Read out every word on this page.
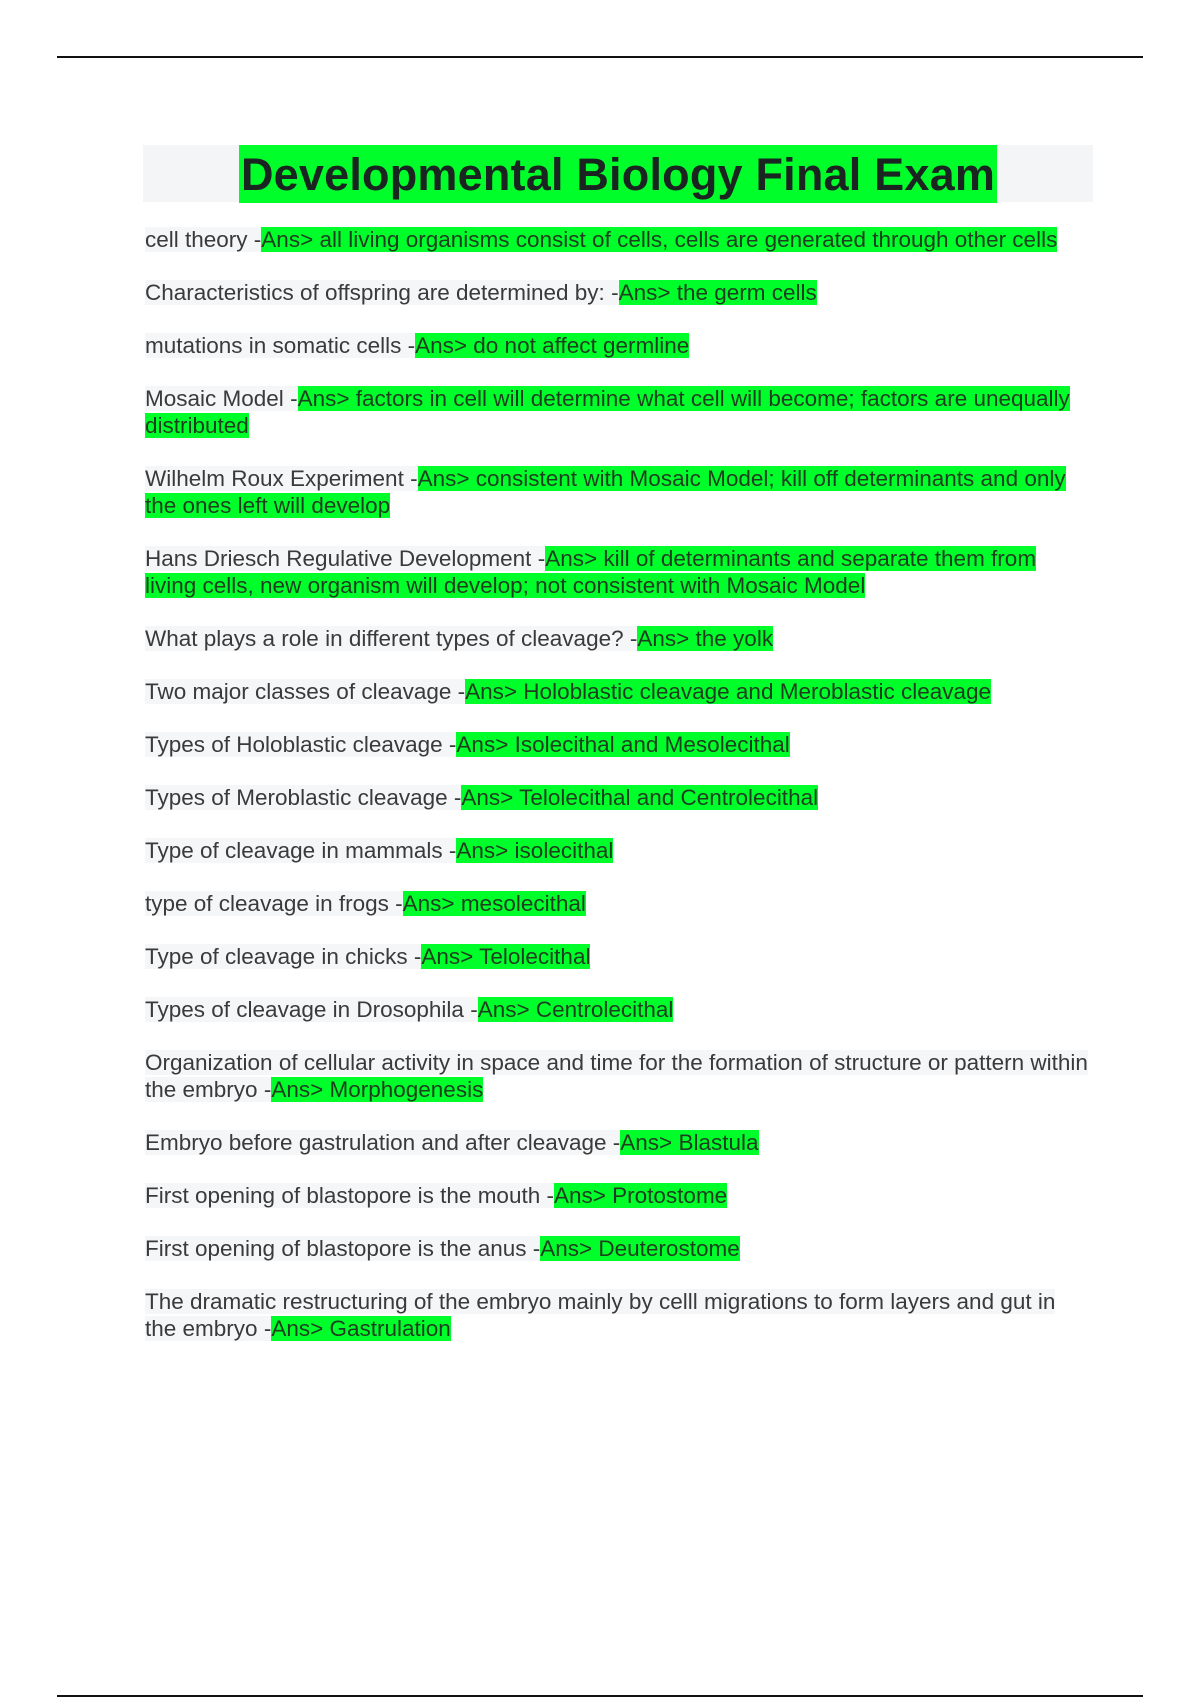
Developmental Biology Final Exam
cell theory -Ans> all living organisms consist of cells, cells are generated through other cells
Characteristics of offspring are determined by: -Ans> the germ cells
mutations in somatic cells -Ans> do not affect germline
Mosaic Model -Ans> factors in cell will determine what cell will become; factors are unequally distributed
Wilhelm Roux Experiment -Ans> consistent with Mosaic Model; kill off determinants and only the ones left will develop
Hans Driesch Regulative Development -Ans> kill of determinants and separate them from living cells, new organism will develop; not consistent with Mosaic Model
What plays a role in different types of cleavage? -Ans> the yolk
Two major classes of cleavage -Ans> Holoblastic cleavage and Meroblastic cleavage
Types of Holoblastic cleavage -Ans> Isolecithal and Mesolecithal
Types of Meroblastic cleavage -Ans> Telolecithal and Centrolecithal
Type of cleavage in mammals -Ans> isolecithal
type of cleavage in frogs -Ans> mesolecithal
Type of cleavage in chicks -Ans> Telolecithal
Types of cleavage in Drosophila -Ans> Centrolecithal
Organization of cellular activity in space and time for the formation of structure or pattern within the embryo -Ans> Morphogenesis
Embryo before gastrulation and after cleavage -Ans> Blastula
First opening of blastopore is the mouth -Ans> Protostome
First opening of blastopore is the anus -Ans> Deuterostome
The dramatic restructuring of the embryo mainly by celll migrations to form layers and gut in the embryo -Ans> Gastrulation
